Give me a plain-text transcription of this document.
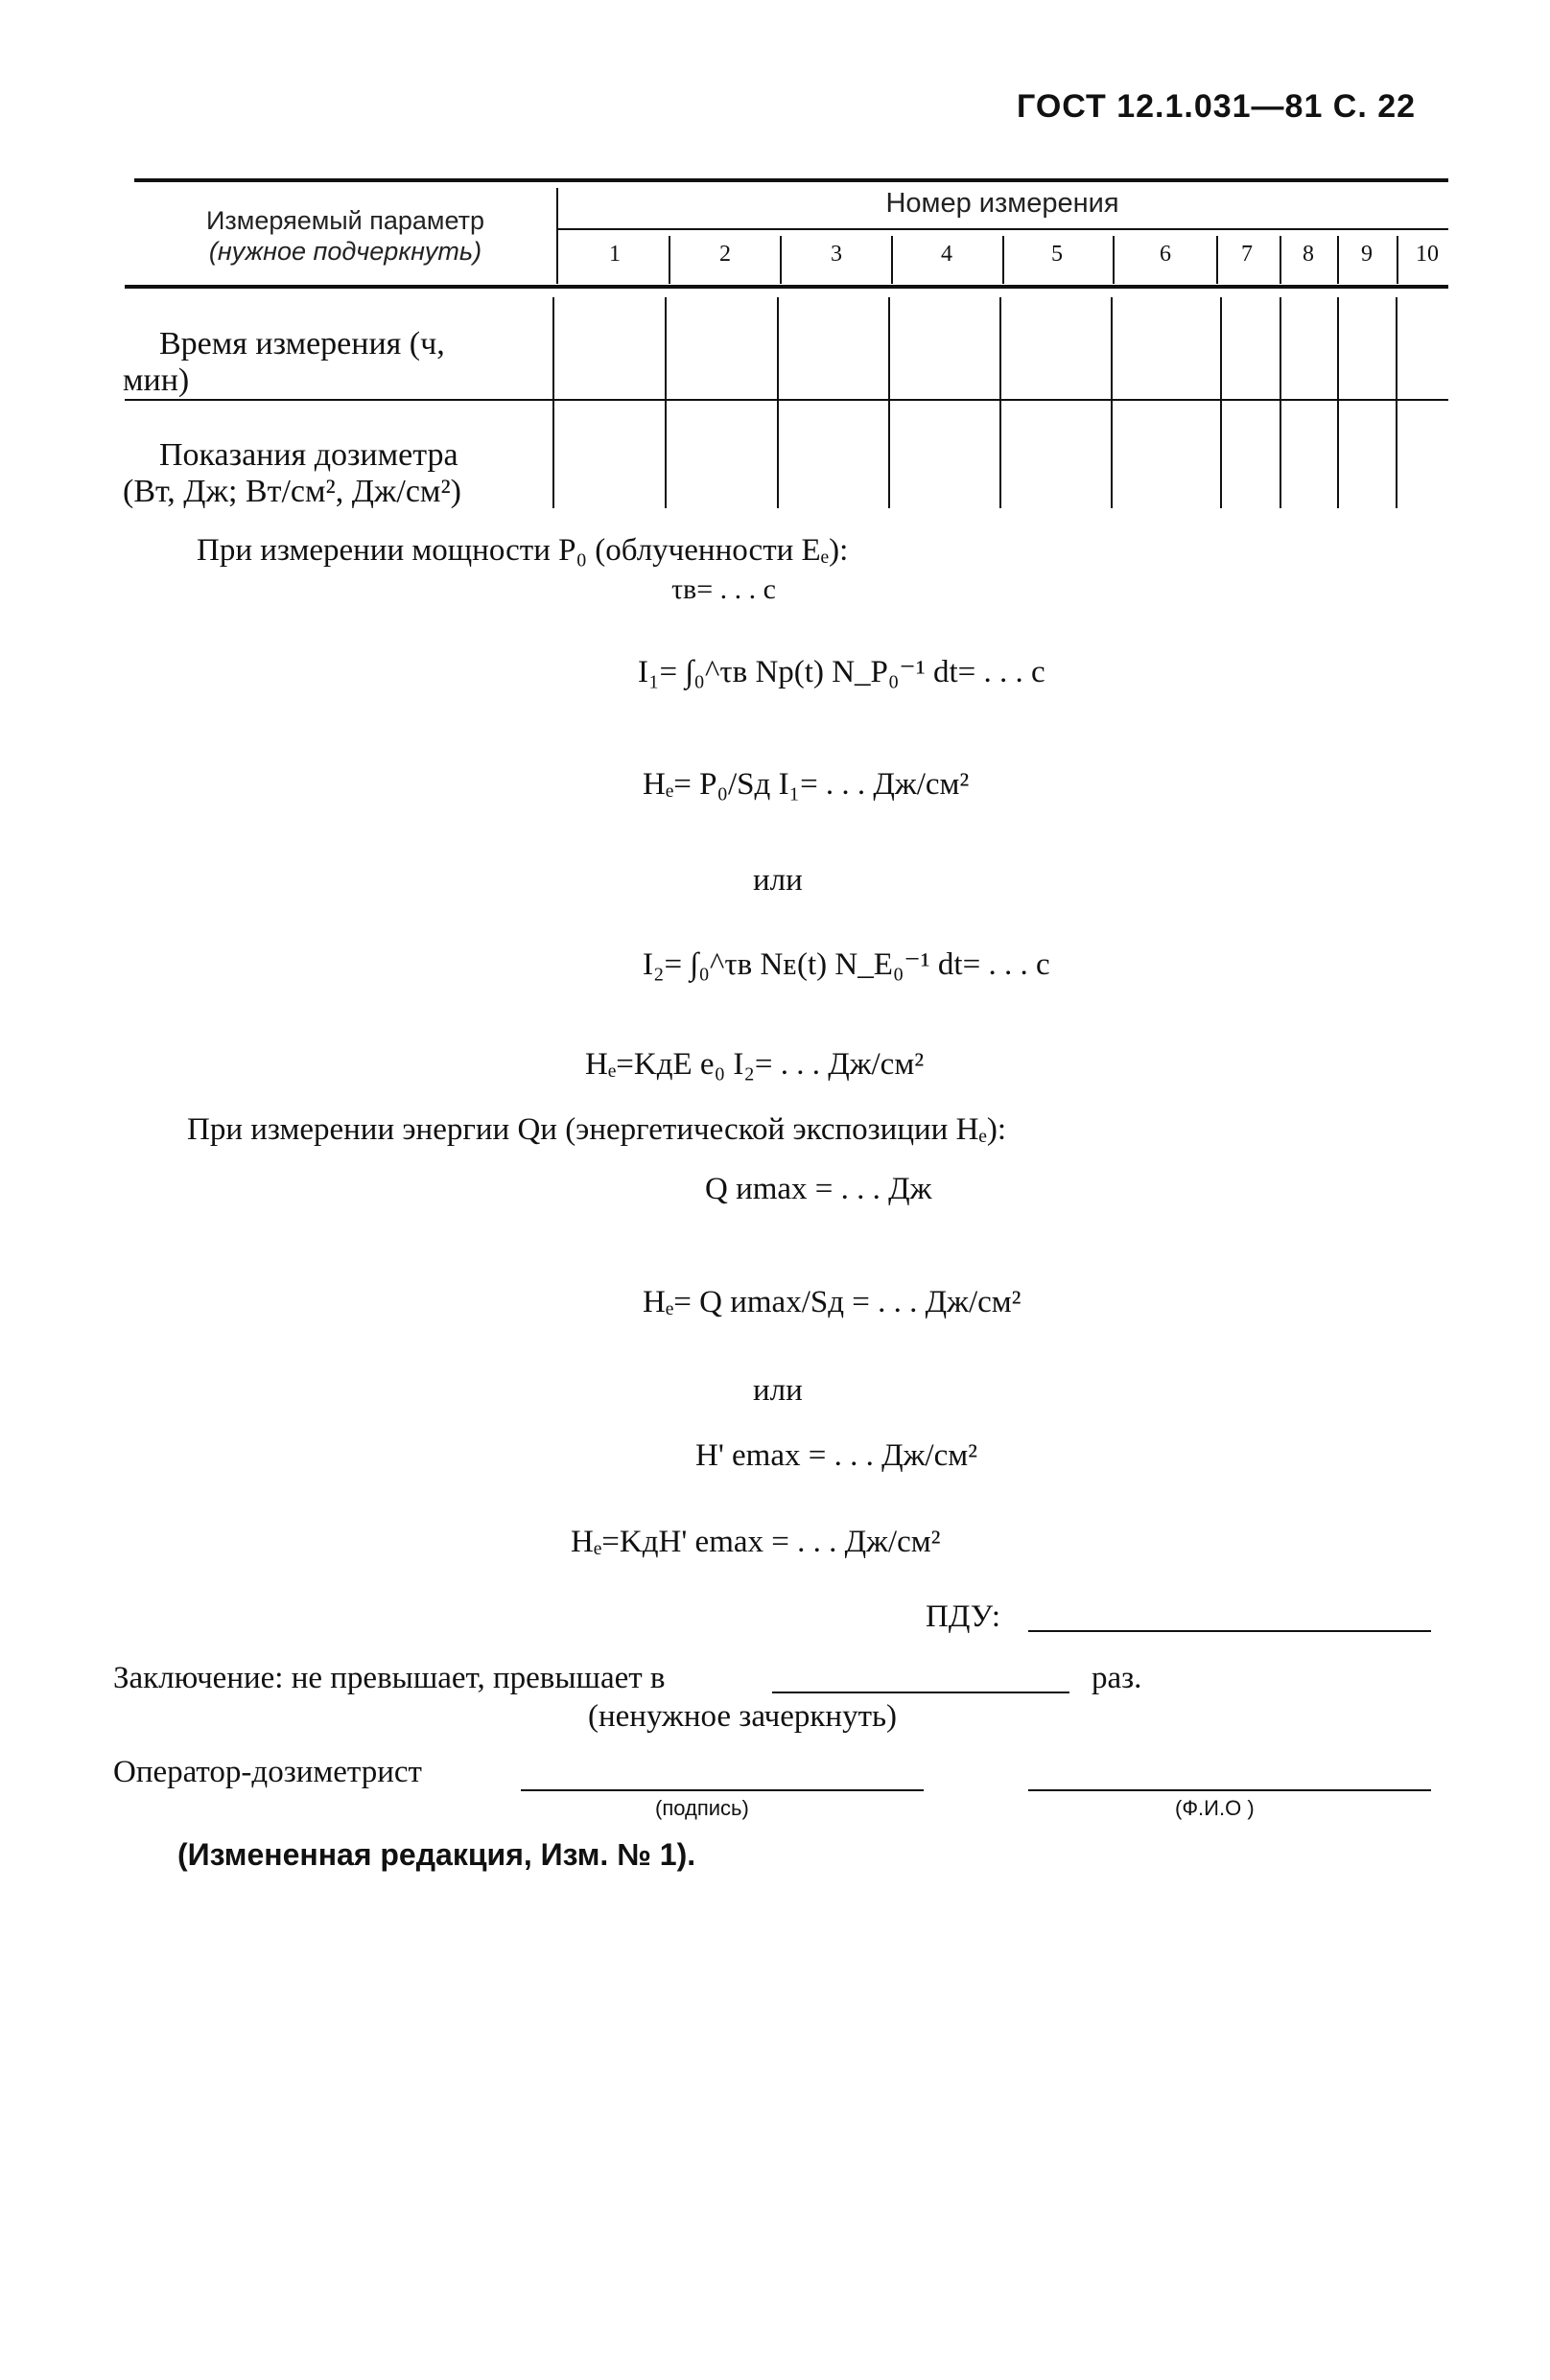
ГОСТ 12.1.031—81 С. 22
Измеряемый параметр
(нужное подчеркнуть)
Номер измерения
1	2	3	4	5	6	7	8	9	10
Время измерения (ч,
мин)
Показания дозиметра
(Вт, Дж; Вт/см², Дж/см²)
При измерении мощности P₀ (облученности Eₑ):
τв= . . . с
I₁= ∫₀^τв Nр(t) N_P₀⁻¹ dt= . . . с
Hₑ= P₀/Sд I₁= . . . Дж/см²
или
I₂= ∫₀^τв Nᴇ(t) N_E₀⁻¹ dt= . . . с
Hₑ=KдE e₀ I₂= . . . Дж/см²
При измерении энергии Qи (энергетической экспозиции Hₑ):
Q иmax = . . . Дж
Hₑ= Q иmax/Sд = . . . Дж/см²
или
H' emax = . . . Дж/см²
Hₑ=KдH' emax = . . . Дж/см²
ПДУ:
Заключение: не превышает, превышает в	раз.
(ненужное зачеркнуть)
Оператор-дозиметрист
(подпись)	(Ф.И.О )
(Измененная редакция, Изм. № 1).
